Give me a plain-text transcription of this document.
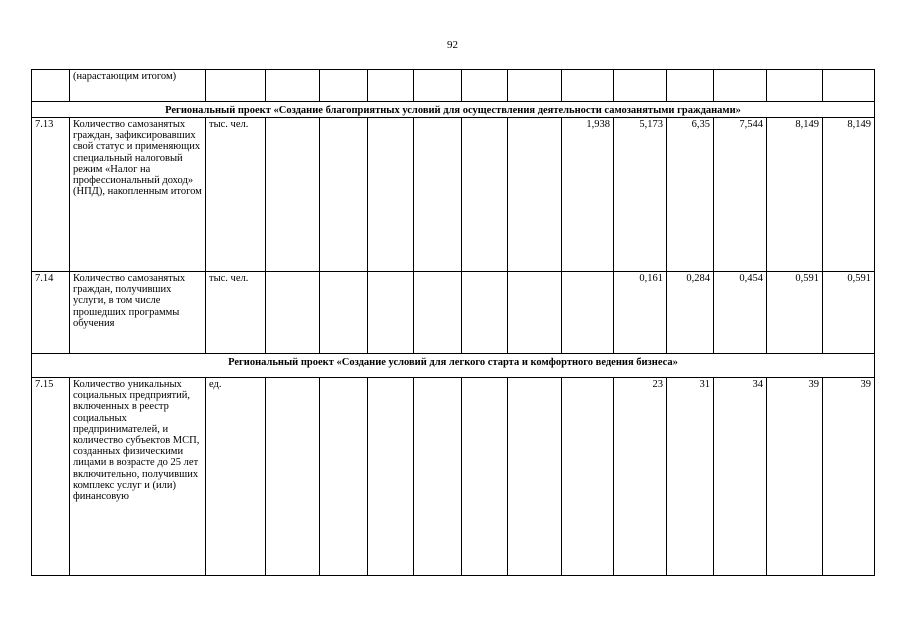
92
	(нарастающим итогом)													
Региональный проект «Создание благоприятных условий для осуществления деятельности самозанятыми гражданами»														
7.13	Количество самозанятых граждан, зафиксировавших свой статус и применяющих специальный налоговый режим «Налог на профессиональный доход» (НПД), накопленным итогом	тыс. чел.							1,938	5,173	6,35	7,544	8,149	8,149
7.14	Количество самозанятых граждан, получивших услуги, в том числе прошедших программы обучения	тыс. чел.								0,161	0,284	0,454	0,591	0,591
Региональный проект «Создание условий для легкого старта и комфортного ведения бизнеса»														
7.15	Количество уникальных социальных предприятий, включенных в реестр социальных предпринимателей, и количество субъектов МСП, созданных физическими лицами в возрасте до 25 лет включительно, получивших комплекс услуг и (или) финансовую	ед.								23	31	34	39	39
